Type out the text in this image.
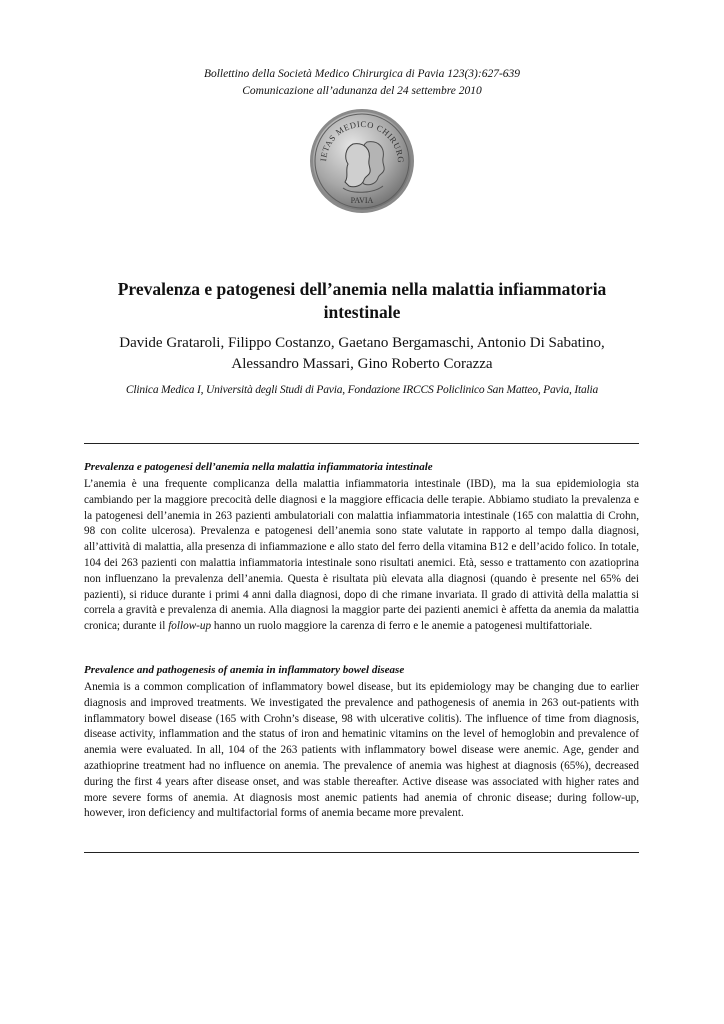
Bollettino della Società Medico Chirurgica di Pavia 123(3):627-639
Comunicazione all’adunanza del 24 settembre 2010
IETAS MEDICO CHIRURG
PAVIA
Prevalenza e patogenesi dell’anemia nella malattia infiammatoria intestinale
Davide Grataroli, Filippo Costanzo, Gaetano Bergamaschi, Antonio Di Sabatino,
Alessandro Massari, Gino Roberto Corazza
Clinica Medica I, Università degli Studi di Pavia, Fondazione IRCCS Policlinico San Matteo, Pavia, Italia

Prevalenza e patogenesi dell’anemia nella malattia infiammatoria intestinale

L’anemia è una frequente complicanza della malattia infiammatoria intestinale (IBD), ma la sua epidemiologia sta cambiando per la maggiore precocità delle diagnosi e la maggiore efficacia delle terapie. Abbiamo studiato la prevalenza e la patogenesi dell’anemia in 263 pazienti ambulatoriali con malattia infiammatoria intestinale (165 con malattia di Crohn, 98 con colite ulcerosa). Prevalenza e patogenesi dell’anemia sono state valutate in rapporto al tempo dalla diagnosi, all’attività di malattia, alla presenza di infiammazione e allo stato del ferro della vitamina B12 e dell’acido folico. In totale, 104 dei 263 pazienti con malattia infiammatoria intestinale sono risultati anemici. Età, sesso e trattamento con azatioprina non influenzano la prevalenza dell’anemia. Questa è risultata più elevata alla diagnosi (quando è presente nel 65% dei pazienti), si riduce durante i primi 4 anni dalla diagnosi, dopo di che rimane invariata. Il grado di attività della malattia si correla a gravità e prevalenza di anemia. Alla diagnosi la maggior parte dei pazienti anemici è affetta da anemia da malattia cronica; durante il follow-up hanno un ruolo maggiore la carenza di ferro e le anemie a patogenesi multifattoriale.

Prevalence and pathogenesis of anemia in inflammatory bowel disease

Anemia is a common complication of inflammatory bowel disease, but its epidemiology may be changing due to earlier diagnosis and improved treatments. We investigated the prevalence and pathogenesis of anemia in 263 out-patients with inflammatory bowel disease (165 with Crohn’s disease, 98 with ulcerative colitis). The influence of time from diagnosis, disease activity, inflammation and the status of iron and hematinic vitamins on the level of hemoglobin and prevalence of anemia were evaluated. In all, 104 of the 263 patients with inflammatory bowel disease were anemic. Age, gender and azathioprine treatment had no influence on anemia. The prevalence of anemia was highest at diagnosis (65%), decreased during the first 4 years after disease onset, and was stable thereafter. Active disease was associated with higher rates and more severe forms of anemia. At diagnosis most anemic patients had anemia of chronic disease; during follow-up, however, iron deficiency and multifactorial forms of anemia became more prevalent.
